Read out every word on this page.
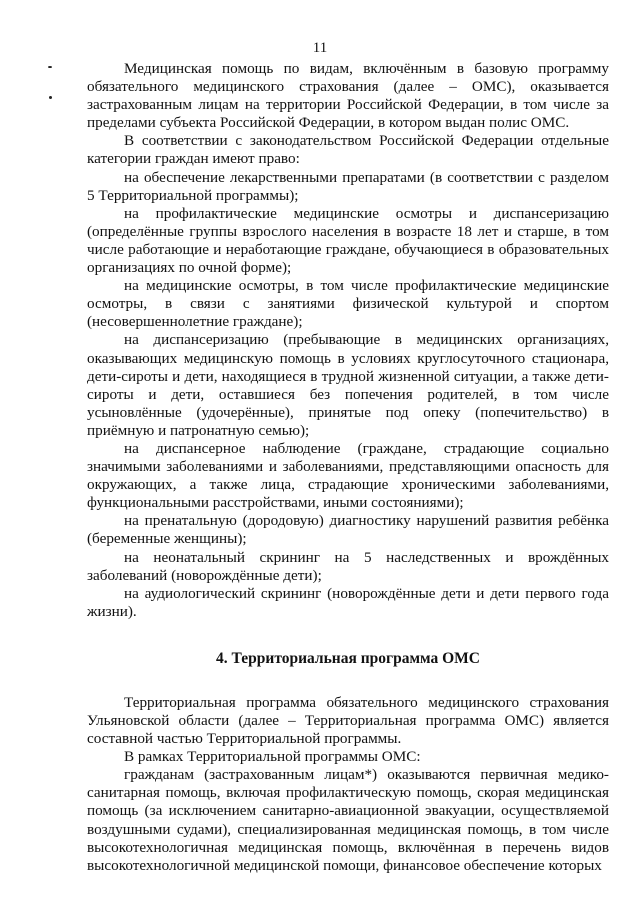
11

Медицинская помощь по видам, включённым в базовую программу обязательного медицинского страхования (далее – ОМС), оказывается застрахованным лицам на территории Российской Федерации, в том числе за пределами субъекта Российской Федерации, в котором выдан полис ОМС.

В соответствии с законодательством Российской Федерации отдельные категории граждан имеют право:

на обеспечение лекарственными препаратами (в соответствии с разделом 5 Территориальной программы);

на профилактические медицинские осмотры и диспансеризацию (определённые группы взрослого населения в возрасте 18 лет и старше, в том числе работающие и неработающие граждане, обучающиеся в образовательных организациях по очной форме);

на медицинские осмотры, в том числе профилактические медицинские осмотры, в связи с занятиями физической культурой и спортом (несовершеннолетние граждане);

на диспансеризацию (пребывающие в медицинских организациях, оказывающих медицинскую помощь в условиях круглосуточного стационара, дети-сироты и дети, находящиеся в трудной жизненной ситуации, а также дети-сироты и дети, оставшиеся без попечения родителей, в том числе усыновлённые (удочерённые), принятые под опеку (попечительство) в приёмную и патронатную семью);

на диспансерное наблюдение (граждане, страдающие социально значимыми заболеваниями и заболеваниями, представляющими опасность для окружающих, а также лица, страдающие хроническими заболеваниями, функциональными расстройствами, иными состояниями);

на пренатальную (дородовую) диагностику нарушений развития ребёнка (беременные женщины);

на неонатальный скрининг на 5 наследственных и врождённых заболеваний (новорождённые дети);

на аудиологический скрининг (новорождённые дети и дети первого года жизни).

4. Территориальная программа ОМС

Территориальная программа обязательного медицинского страхования Ульяновской области (далее – Территориальная программа ОМС) является составной частью Территориальной программы.

В рамках Территориальной программы ОМС:

гражданам (застрахованным лицам*) оказываются первичная медико-санитарная помощь, включая профилактическую помощь, скорая медицинская помощь (за исключением санитарно-авиационной эвакуации, осуществляемой воздушными судами), специализированная медицинская помощь, в том числе высокотехнологичная медицинская помощь, включённая в перечень видов высокотехнологичной медицинской помощи, финансовое обеспечение которых
